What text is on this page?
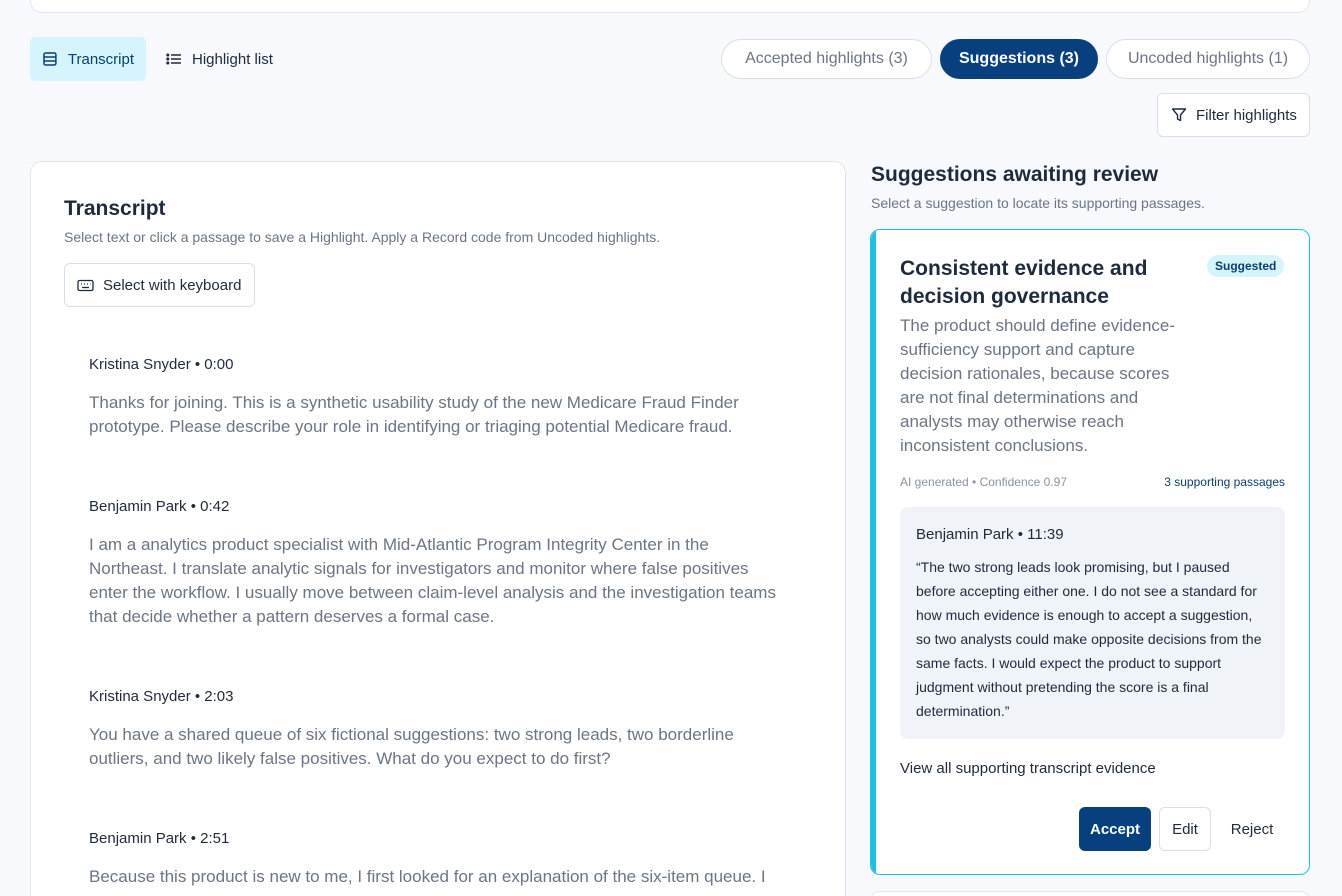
Transcript	Highlight list	Accepted highlights (3)	Suggestions (3)	Uncoded highlights (1)
Filter highlights
Transcript
Select text or click a passage to save a Highlight. Apply a Record code from Uncoded highlights.
Select with keyboard
Kristina Snyder • 0:00
Thanks for joining. This is a synthetic usability study of the new Medicare Fraud Finder prototype. Please describe your role in identifying or triaging potential Medicare fraud.
Benjamin Park • 0:42
I am a analytics product specialist with Mid-Atlantic Program Integrity Center in the Northeast. I translate analytic signals for investigators and monitor where false positives enter the workflow. I usually move between claim-level analysis and the investigation teams that decide whether a pattern deserves a formal case.
Kristina Snyder • 2:03
You have a shared queue of six fictional suggestions: two strong leads, two borderline outliers, and two likely false positives. What do you expect to do first?
Benjamin Park • 2:51
Because this product is new to me, I first looked for an explanation of the six-item queue. I
Suggestions awaiting review
Select a suggestion to locate its supporting passages.
Consistent evidence and decision governance
Suggested
The product should define evidence-sufficiency support and capture decision rationales, because scores are not final determinations and analysts may otherwise reach inconsistent conclusions.
AI generated • Confidence 0.97	3 supporting passages
Benjamin Park • 11:39
“The two strong leads look promising, but I paused before accepting either one. I do not see a standard for how much evidence is enough to accept a suggestion, so two analysts could make opposite decisions from the same facts. I would expect the product to support judgment without pretending the score is a final determination.”
View all supporting transcript evidence
Accept	Edit	Reject
